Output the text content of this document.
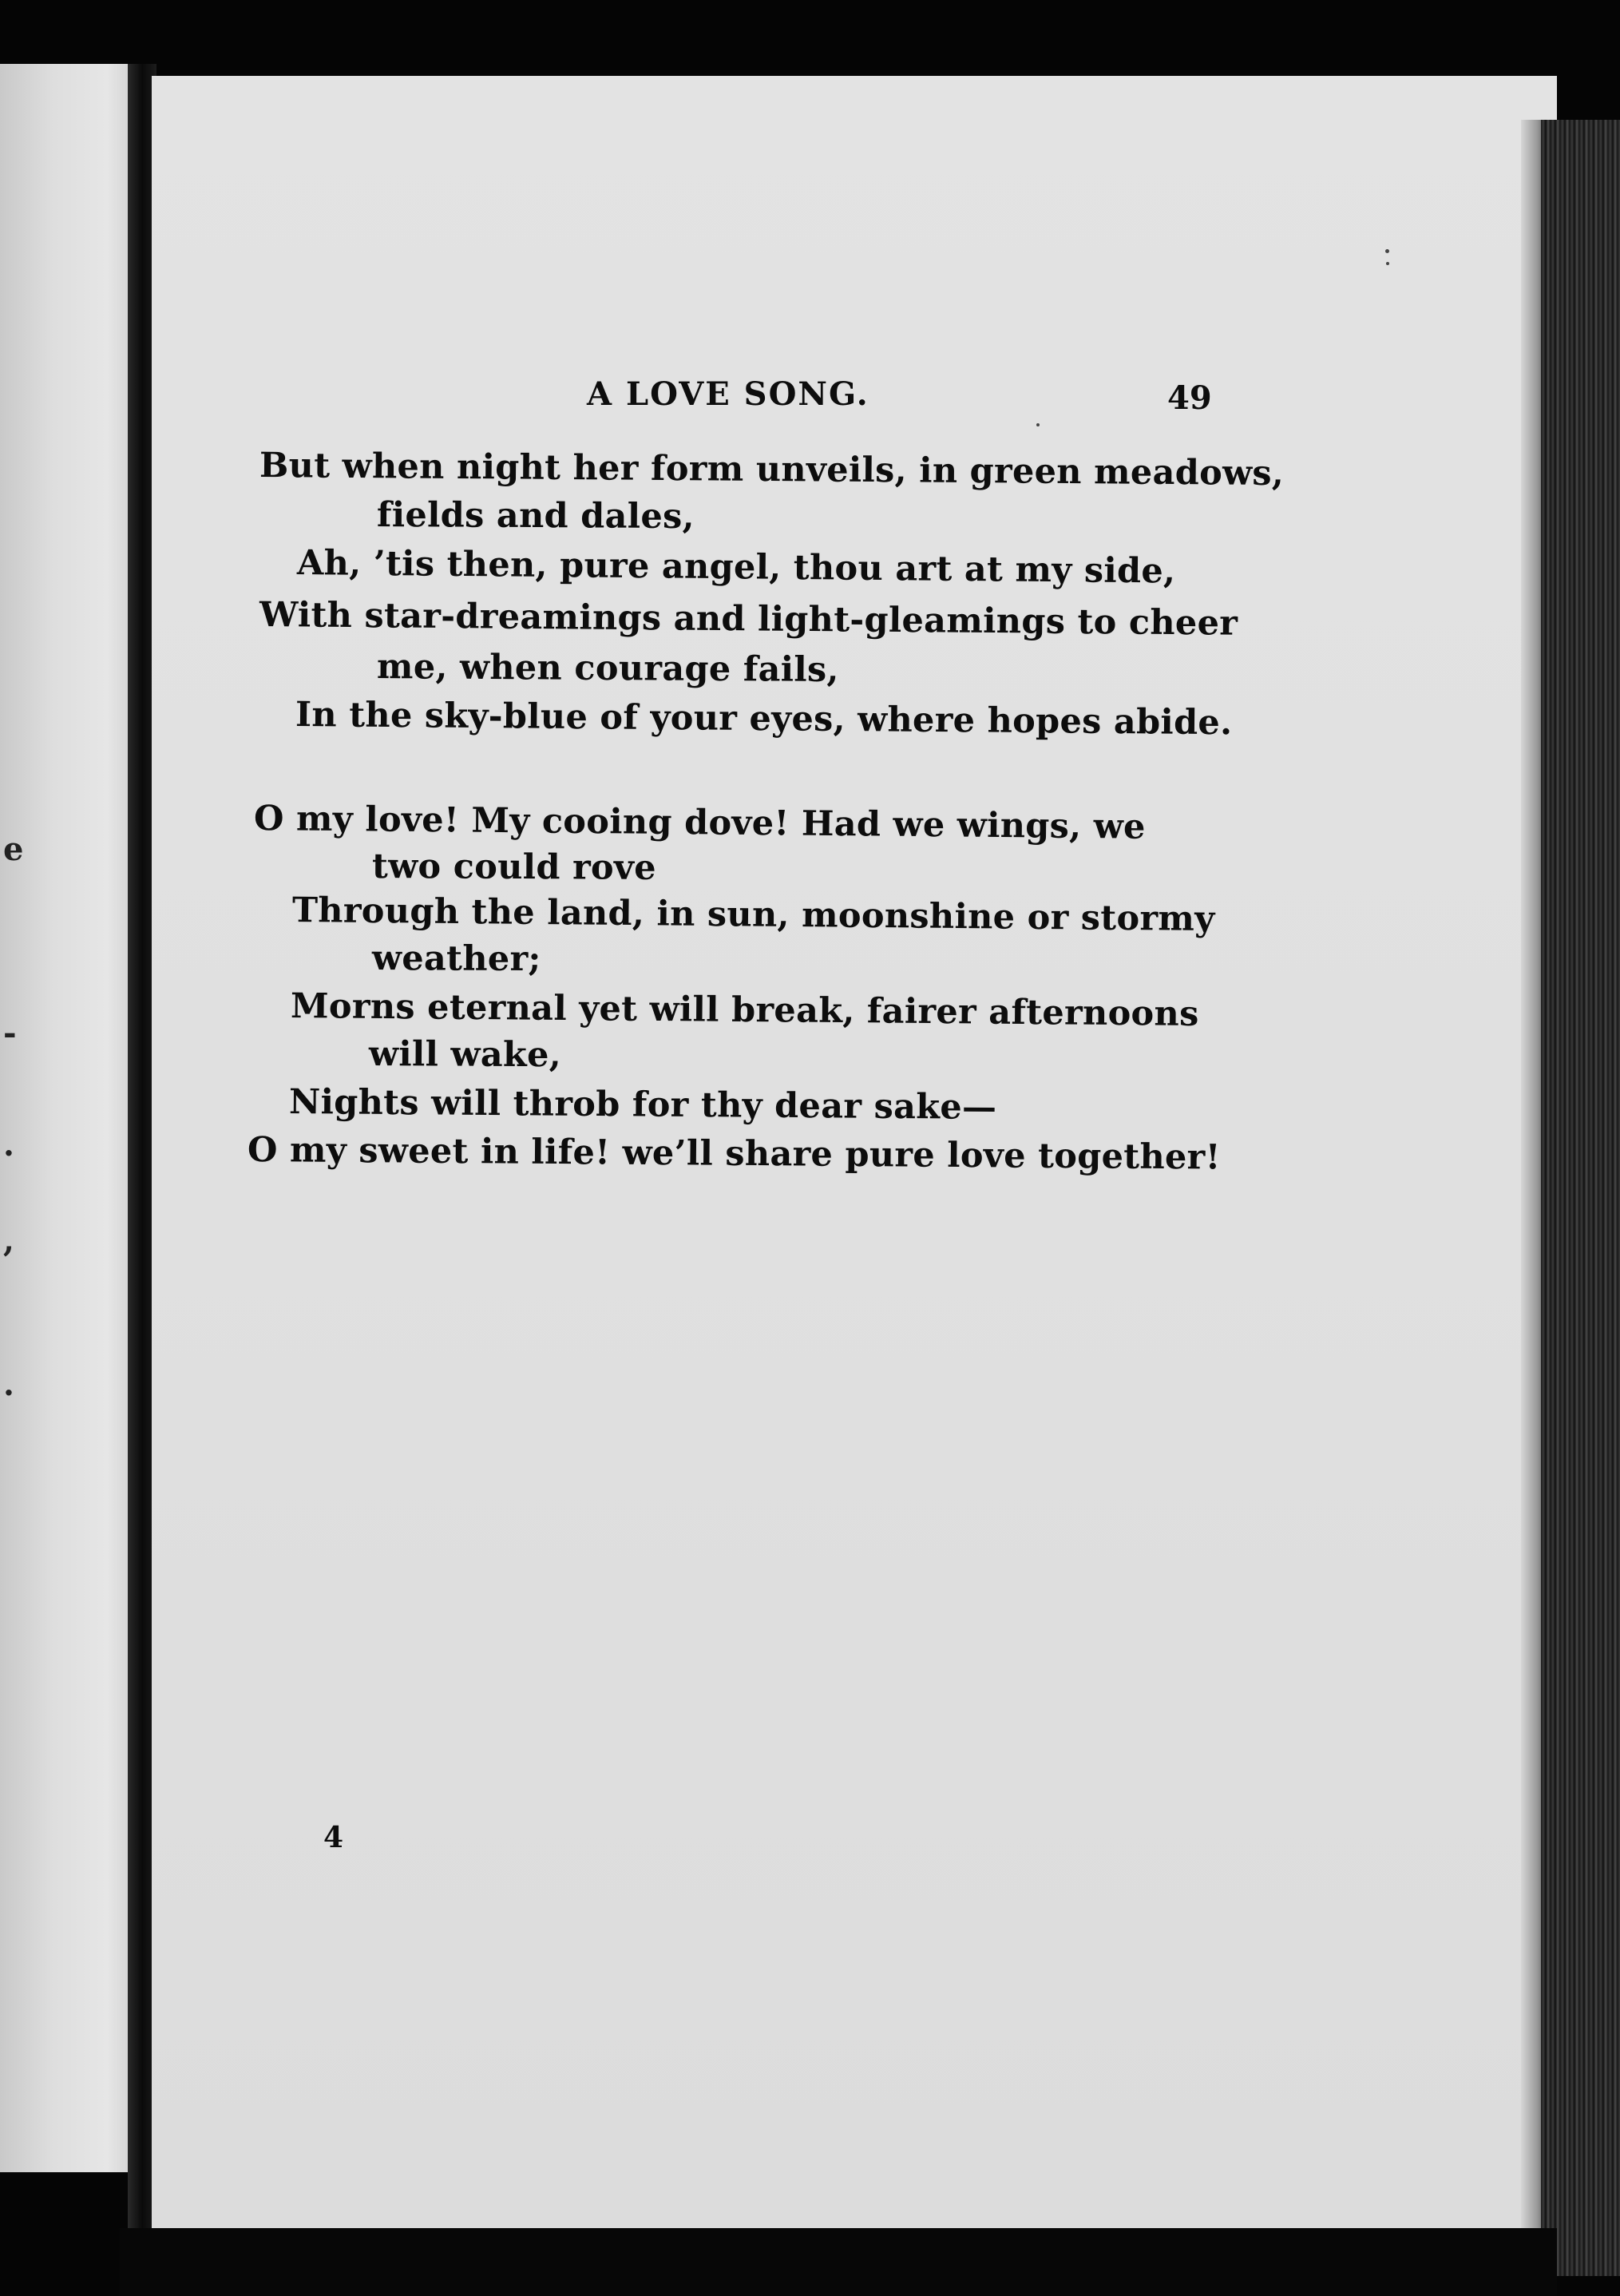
e
-
.
,
.
A LOVE SONG.	49
But when night her form unveils, in green meadows,
fields and dales,
Ah, ’tis then, pure angel, thou art at my side,
With star-dreamings and light-gleamings to cheer
me, when courage fails,
In the sky-blue of your eyes, where hopes abide.
O my love! My cooing dove! Had we wings, we
two could rove
Through the land, in sun, moonshine or stormy
weather;
Morns eternal yet will break, fairer afternoons
will wake,
Nights will throb for thy dear sake—
O my sweet in life! we’ll share pure love together!
4
